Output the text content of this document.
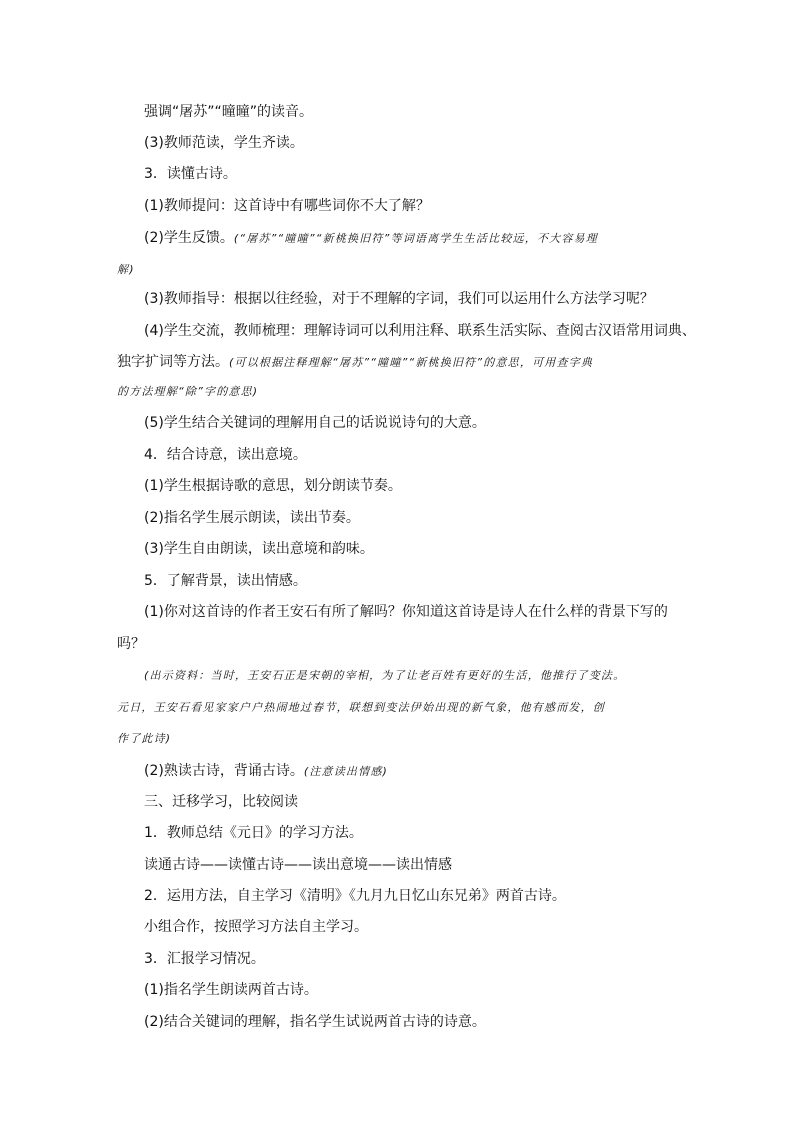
强调“屠苏”“曈曈”的读音。
(3)教师范读，学生齐读。
3．读懂古诗。
(1)教师提问：这首诗中有哪些词你不大了解？
(2)学生反馈。(“屠苏”“曈曈”“新桃换旧符”等词语离学生生活比较远，不大容易理
解)
(3)教师指导：根据以往经验，对于不理解的字词，我们可以运用什么方法学习呢？
(4)学生交流，教师梳理：理解诗词可以利用注释、联系生活实际、查阅古汉语常用词典、
独字扩词等方法。(可以根据注释理解“屠苏”“曈曈”“新桃换旧符”的意思，可用查字典
的方法理解“除”字的意思)
(5)学生结合关键词的理解用自己的话说说诗句的大意。
4．结合诗意，读出意境。
(1)学生根据诗歌的意思，划分朗读节奏。
(2)指名学生展示朗读，读出节奏。
(3)学生自由朗读，读出意境和韵味。
5．了解背景，读出情感。
(1)你对这首诗的作者王安石有所了解吗？你知道这首诗是诗人在什么样的背景下写的
吗？
(出示资料：当时，王安石正是宋朝的宰相，为了让老百姓有更好的生活，他推行了变法。
元日，王安石看见家家户户热闹地过春节，联想到变法伊始出现的新气象，他有感而发，创
作了此诗)
(2)熟读古诗，背诵古诗。(注意读出情感)
三、迁移学习，比较阅读
1．教师总结《元日》的学习方法。
读通古诗——读懂古诗——读出意境——读出情感
2．运用方法，自主学习《清明》《九月九日忆山东兄弟》两首古诗。
小组合作，按照学习方法自主学习。
3．汇报学习情况。
(1)指名学生朗读两首古诗。
(2)结合关键词的理解，指名学生试说两首古诗的诗意。
